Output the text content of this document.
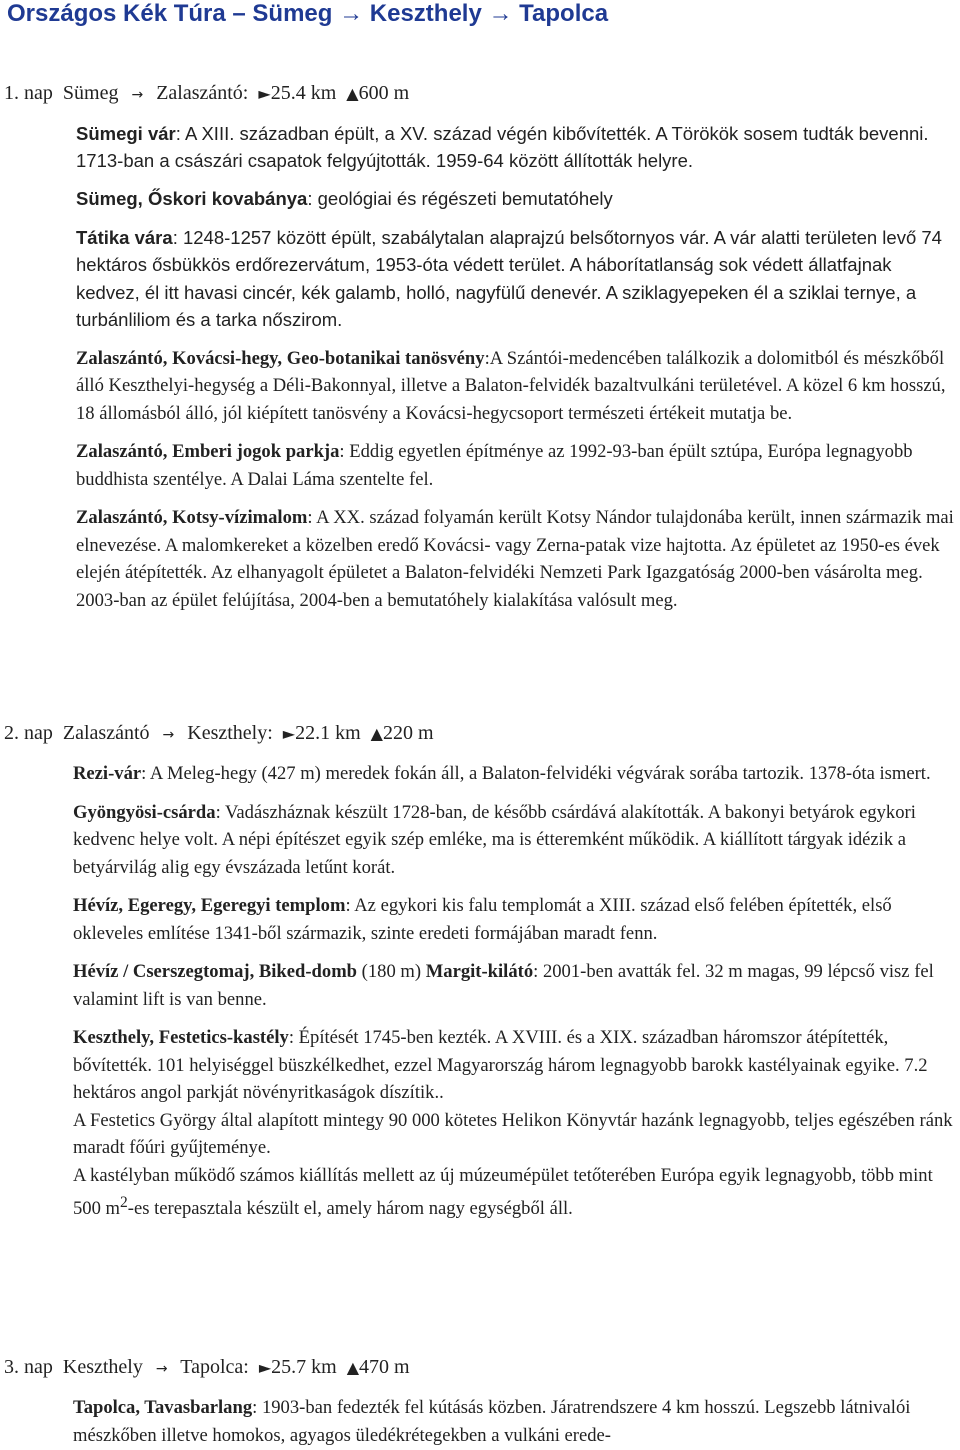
Országos Kék Túra – Sümeg → Keszthely → Tapolca
1. nap Sümeg → Zalaszántó: ►25.4 km ▲600 m

Sümegi vár: A XIII. században épült, a XV. század végén kibővítették. A Törökök sosem tudták bevenni. 1713-ban a császári csapatok felgyújtották. 1959-64 között állították helyre.

Sümeg, Őskori kovabánya: geológiai és régészeti bemutatóhely

Tátika vára: 1248-1257 között épült, szabálytalan alaprajzú belsőtornyos vár. A vár alatti területen levő 74 hektáros ősbükkös erdőrezervátum, 1953-óta védett terület. A háborítatlanság sok védett állatfajnak kedvez, él itt havasi cincér, kék galamb, holló, nagyfülű denevér. A sziklagyepeken él a sziklai ternye, a turbánliliom és a tarka nőszirom.

Zalaszántó, Kovácsi-hegy, Geo-botanikai tanösvény:A Szántói-medencében találkozik a dolomitból és mészkőből álló Keszthelyi-hegység a Déli-Bakonnyal, illetve a Balaton-felvidék bazaltvulkáni területével. A közel 6 km hosszú, 18 állomásból álló, jól kiépített tanösvény a Kovácsi-hegycsoport természeti értékeit mutatja be.

Zalaszántó, Emberi jogok parkja: Eddig egyetlen építménye az 1992-93-ban épült sztúpa, Európa legnagyobb buddhista szentélye. A Dalai Láma szentelte fel.

Zalaszántó, Kotsy-vízimalom: A XX. század folyamán került Kotsy Nándor tulajdonába került, innen származik mai elnevezése. A malomkereket a közelben eredő Kovácsi- vagy Zerna-patak vize hajtotta. Az épületet az 1950-es évek elején átépítették. Az elhanyagolt épületet a Balaton-felvidéki Nemzeti Park Igazgatóság 2000-ben vásárolta meg. 2003-ban az épület felújítása, 2004-ben a bemutatóhely kialakítása valósult meg.

2. nap Zalaszántó → Keszthely: ►22.1 km ▲220 m

Rezi-vár: A Meleg-hegy (427 m) meredek fokán áll, a Balaton-felvidéki végvárak sorába tartozik. 1378-óta ismert.

Gyöngyösi-csárda: Vadászháznak készült 1728-ban, de később csárdává alakították. A bakonyi betyárok egykori kedvenc helye volt. A népi építészet egyik szép emléke, ma is étteremként működik. A kiállított tárgyak idézik a betyárvilág alig egy évszázada letűnt korát.

Hévíz, Egeregy, Egeregyi templom: Az egykori kis falu templomát a XIII. század első felében építették, első okleveles említése 1341-ből származik, szinte eredeti formájában maradt fenn.

Hévíz / Cserszegtomaj, Biked-domb (180 m) Margit-kilátó: 2001-ben avatták fel. 32 m magas, 99 lépcső visz fel valamint lift is van benne.

Keszthely, Festetics-kastély: Építését 1745-ben kezték. A XVIII. és a XIX. században háromszor átépítették, bővítették. 101 helyiséggel büszkélkedhet, ezzel Magyarország három legnagyobb barokk kastélyainak egyike. 7.2 hektáros angol parkját növényritkaságok díszítik..

A Festetics György által alapított mintegy 90 000 kötetes Helikon Könyvtár hazánk legnagyobb, teljes egészében ránk maradt főúri gyűjteménye.

A kastélyban működő számos kiállítás mellett az új múzeumépület tetőterében Európa egyik legnagyobb, több mint 500 $m^2-es$ terepasztala készült el, amely három nagy egységből áll.

3. nap Keszthely → Tapolca: ►25.7 km ▲470 m

Tapolca, Tavasbarlang: 1903-ban fedezték fel kútásás közben. Járatrendszere 4 km hosszú. Legszebb látnivalói mészkőben illetve homokos, agyagos üledékrétegekben a vulkáni erede-
